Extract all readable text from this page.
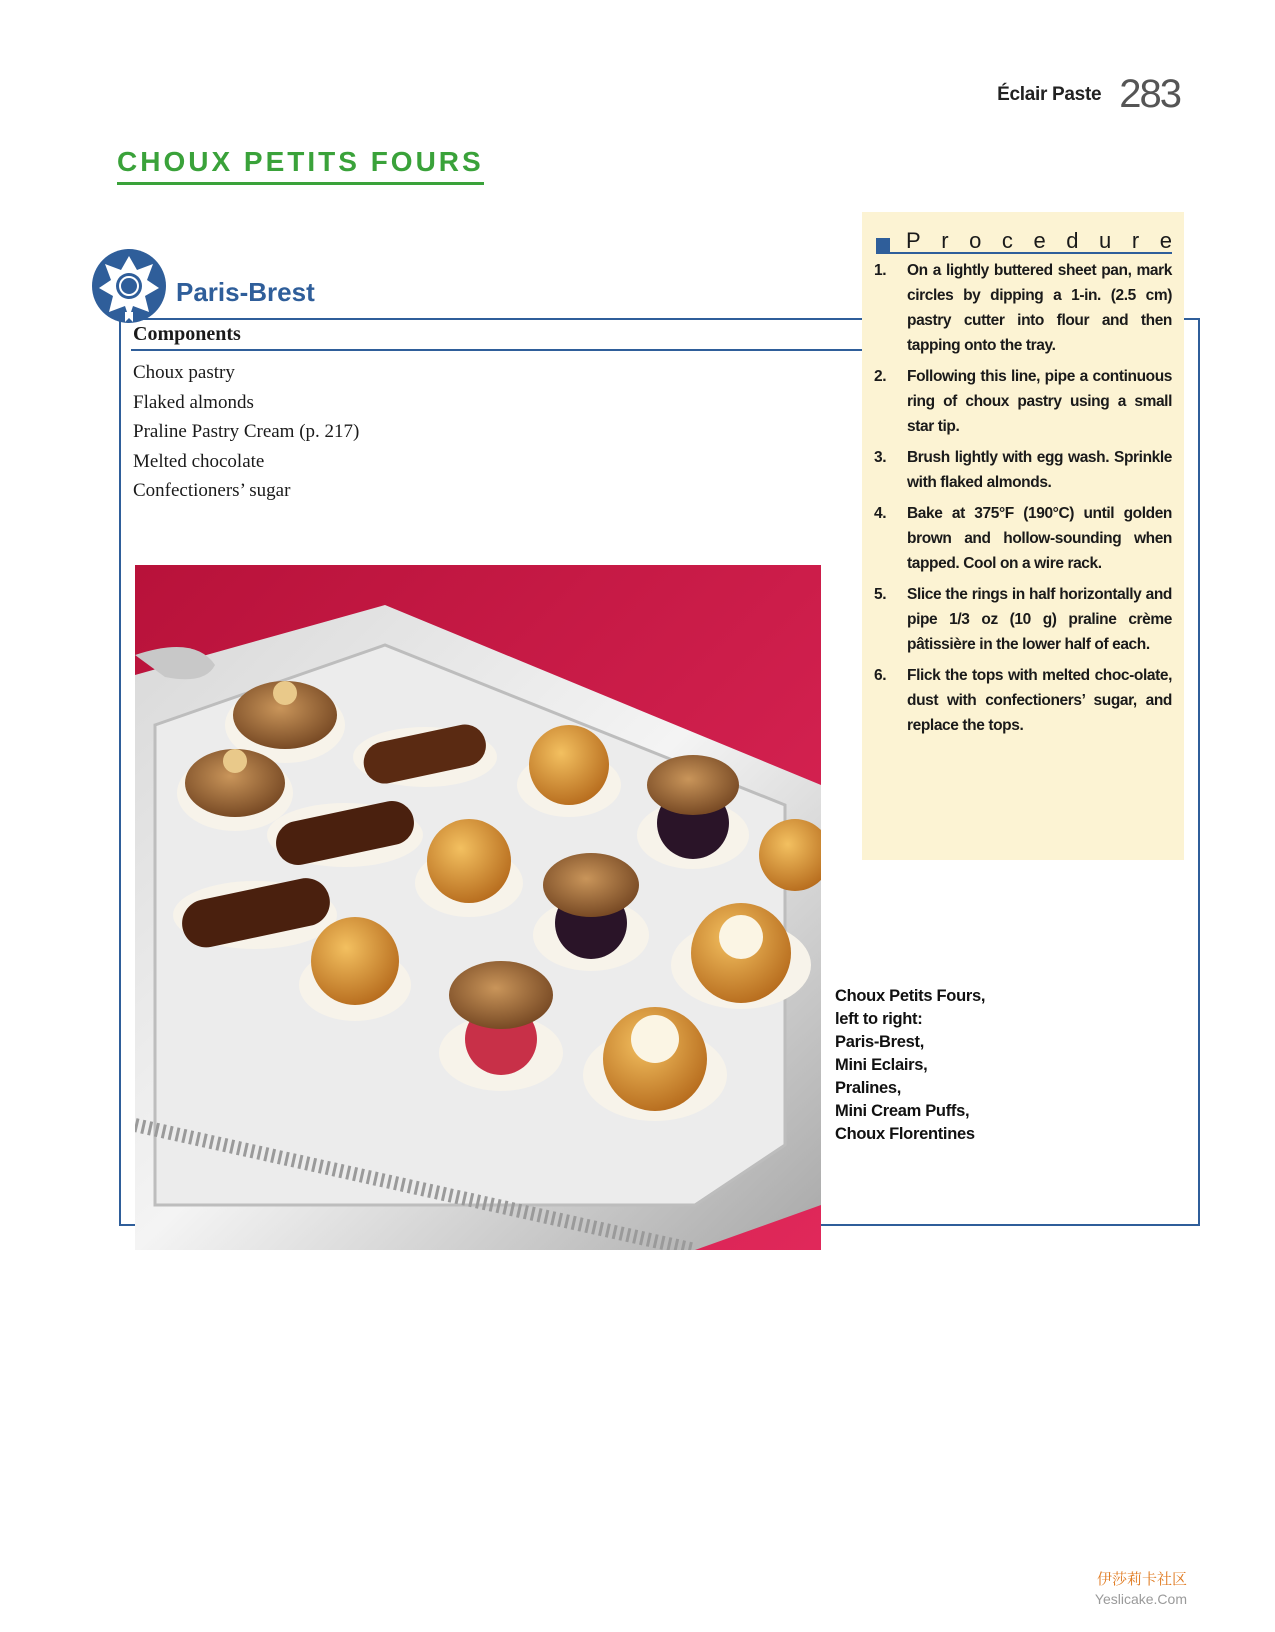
Éclair Paste 283
CHOUX PETITS FOURS
Paris-Brest
Components
Choux pastry
Flaked almonds
Praline Pastry Cream (p. 217)
Melted chocolate
Confectioners’ sugar
Choux Petits Fours,
left to right:
Paris-Brest,
Mini Eclairs,
Pralines,
Mini Cream Puffs,
Choux Florentines
P r o c e d u r e
1.	On a lightly buttered sheet pan, mark circles by dipping a 1-in. (2.5 cm) pastry cutter into flour and then tapping onto the tray.
2.	Following this line, pipe a continuous ring of choux pastry using a small star tip.
3.	Brush lightly with egg wash. Sprinkle with flaked almonds.
4.	Bake at 375°F (190°C) until golden brown and hollow-sounding when tapped. Cool on a wire rack.
5.	Slice the rings in half horizontally and pipe 1/3 oz (10 g) praline crème pâtissière in the lower half of each.
6.	Flick the tops with melted choc-olate, dust with confectioners’ sugar, and replace the tops.
伊莎莉卡社区
Yeslicake.Com
